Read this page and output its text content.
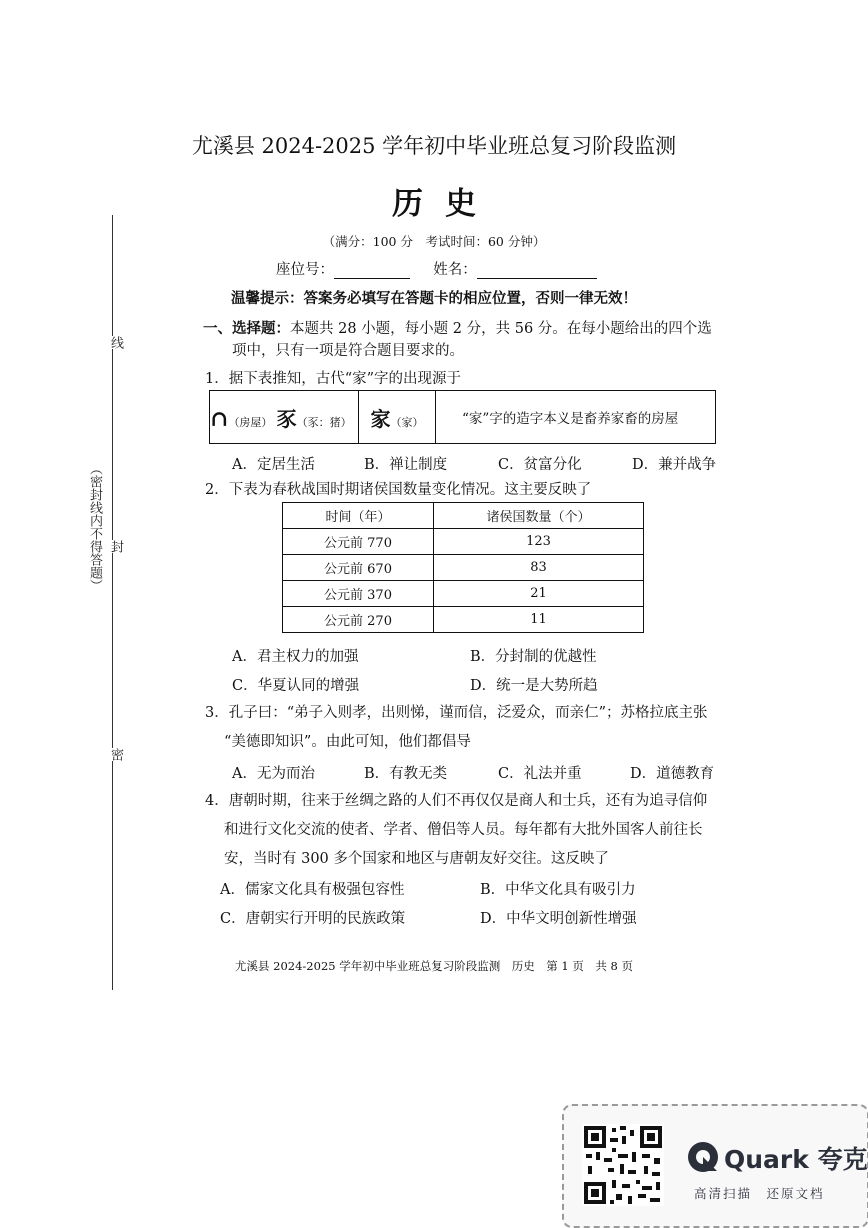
线
封
密
（密封线内不得答题）
尤溪县 2024-2025 学年初中毕业班总复习阶段监测
历史
（满分：100 分　考试时间：60 分钟）
座位号：	姓名：
温馨提示：答案务必填写在答题卡的相应位置，否则一律无效！
一、选择题：本题共 28 小题，每小题 2 分，共 56 分。在每小题给出的四个选
项中，只有一项是符合题目要求的。
1．据下表推知，古代“家”字的出现源于
∩（房屋） 豕（豕：猪）	家（家）	“家”字的造字本义是畜养家畜的房屋
A．定居生活	B．禅让制度	C．贫富分化	D．兼并战争
2．下表为春秋战国时期诸侯国数量变化情况。这主要反映了
时间（年）	诸侯国数量（个）
公元前 770	123
公元前 670	83
公元前 370	21
公元前 270	11
A．君主权力的加强	B．分封制的优越性
C．华夏认同的增强	D．统一是大势所趋
3．孔子曰：“弟子入则孝，出则悌，谨而信，泛爱众，而亲仁”；苏格拉底主张
“美德即知识”。由此可知，他们都倡导
A．无为而治	B．有教无类	C．礼法并重	D．道德教育
4．唐朝时期，往来于丝绸之路的人们不再仅仅是商人和士兵，还有为追寻信仰
和进行文化交流的使者、学者、僧侣等人员。每年都有大批外国客人前往长
安，当时有 300 多个国家和地区与唐朝友好交往。这反映了
A．儒家文化具有极强包容性	B．中华文化具有吸引力
C．唐朝实行开明的民族政策	D．中华文明创新性增强
尤溪县 2024-2025 学年初中毕业班总复习阶段监测　历史　第 1 页　共 8 页
Quark 夸克
高清扫描　还原文档
